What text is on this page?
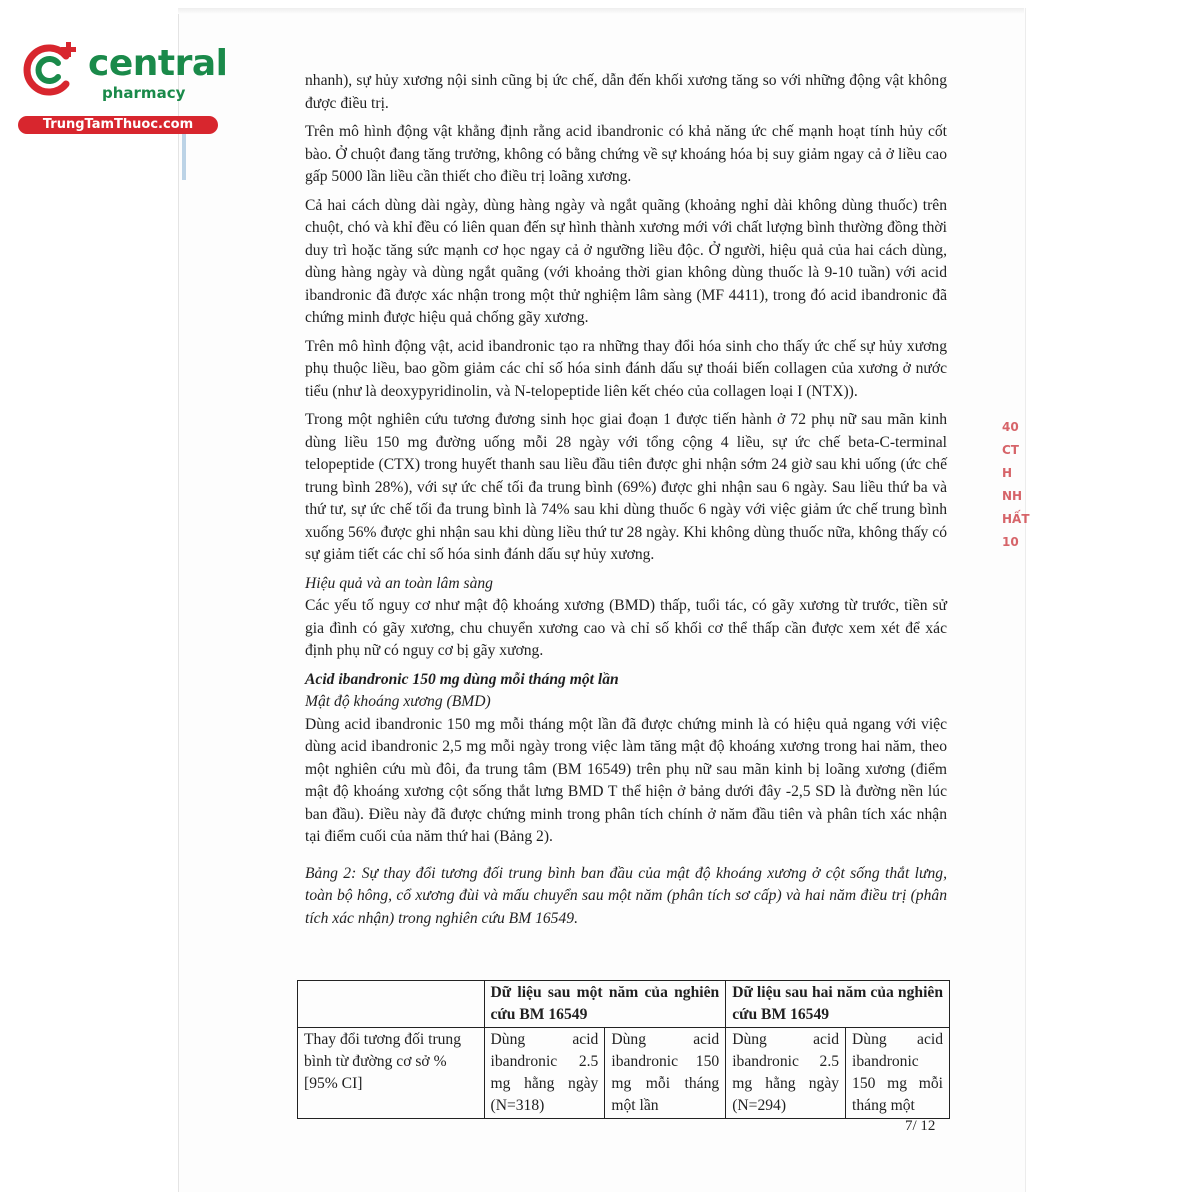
central
pharmacy
TrungTamThuoc.com
40
CT
H
NH
HẤT
10

nhanh), sự hủy xương nội sinh cũng bị ức chế, dẫn đến khối xương tăng so với những động vật không được điều trị.

Trên mô hình động vật khẳng định rằng acid ibandronic có khả năng ức chế mạnh hoạt tính hủy cốt bào. Ở chuột đang tăng trưởng, không có bằng chứng về sự khoáng hóa bị suy giảm ngay cả ở liều cao gấp 5000 lần liều cần thiết cho điều trị loãng xương.

Cả hai cách dùng dài ngày, dùng hàng ngày và ngắt quãng (khoảng nghỉ dài không dùng thuốc) trên chuột, chó và khỉ đều có liên quan đến sự hình thành xương mới với chất lượng bình thường đồng thời duy trì hoặc tăng sức mạnh cơ học ngay cả ở ngưỡng liều độc. Ở người, hiệu quả của hai cách dùng, dùng hàng ngày và dùng ngắt quãng (với khoảng thời gian không dùng thuốc là 9-10 tuần) với acid ibandronic đã được xác nhận trong một thử nghiệm lâm sàng (MF 4411), trong đó acid ibandronic đã chứng minh được hiệu quả chống gãy xương.

Trên mô hình động vật, acid ibandronic tạo ra những thay đổi hóa sinh cho thấy ức chế sự hủy xương phụ thuộc liều, bao gồm giảm các chỉ số hóa sinh đánh dấu sự thoái biến collagen của xương ở nước tiểu (như là deoxypyridinolin, và N-telopeptide liên kết chéo của collagen loại I (NTX)).

Trong một nghiên cứu tương đương sinh học giai đoạn 1 được tiến hành ở 72 phụ nữ sau mãn kinh dùng liều 150 mg đường uống mỗi 28 ngày với tổng cộng 4 liều, sự ức chế beta-C-terminal telopeptide (CTX) trong huyết thanh sau liều đầu tiên được ghi nhận sớm 24 giờ sau khi uống (ức chế trung bình 28%), với sự ức chế tối đa trung bình (69%) được ghi nhận sau 6 ngày. Sau liều thứ ba và thứ tư, sự ức chế tối đa trung bình là 74% sau khi dùng thuốc 6 ngày với việc giảm ức chế trung bình xuống 56% được ghi nhận sau khi dùng liều thứ tư 28 ngày. Khi không dùng thuốc nữa, không thấy có sự giảm tiết các chỉ số hóa sinh đánh dấu sự hủy xương.

Hiệu quả và an toàn lâm sàng

Các yếu tố nguy cơ như mật độ khoáng xương (BMD) thấp, tuổi tác, có gãy xương từ trước, tiền sử gia đình có gãy xương, chu chuyển xương cao và chỉ số khối cơ thể thấp cần được xem xét để xác định phụ nữ có nguy cơ bị gãy xương.

Acid ibandronic 150 mg dùng mỗi tháng một lần

Mật độ khoáng xương (BMD)

Dùng acid ibandronic 150 mg mỗi tháng một lần đã được chứng minh là có hiệu quả ngang với việc dùng acid ibandronic 2,5 mg mỗi ngày trong việc làm tăng mật độ khoáng xương trong hai năm, theo một nghiên cứu mù đôi, đa trung tâm (BM 16549) trên phụ nữ sau mãn kinh bị loãng xương (điểm mật độ khoáng xương cột sống thắt lưng BMD T thể hiện ở bảng dưới đây -2,5 SD là đường nền lúc ban đầu). Điều này đã được chứng minh trong phân tích chính ở năm đầu tiên và phân tích xác nhận tại điểm cuối của năm thứ hai (Bảng 2).

Bảng 2: Sự thay đổi tương đối trung bình ban đầu của mật độ khoáng xương ở cột sống thắt lưng, toàn bộ hông, cổ xương đùi và mấu chuyển sau một năm (phân tích sơ cấp) và hai năm điều trị (phân tích xác nhận) trong nghiên cứu BM 16549.

	Dữ liệu sau một năm của nghiên cứu BM 16549		Dữ liệu sau hai năm của nghiên cứu BM 16549	
Thay đổi tương đối trung bình từ đường cơ sở % [95% CI]	Dùng acid ibandronic 2.5 mg hằng ngày (N=318)	Dùng acid ibandronic 150 mg mỗi tháng một lần	Dùng acid ibandronic 2.5 mg hằng ngày (N=294)	Dùng acid ibandronic 150 mg mỗi tháng một
7/ 12
